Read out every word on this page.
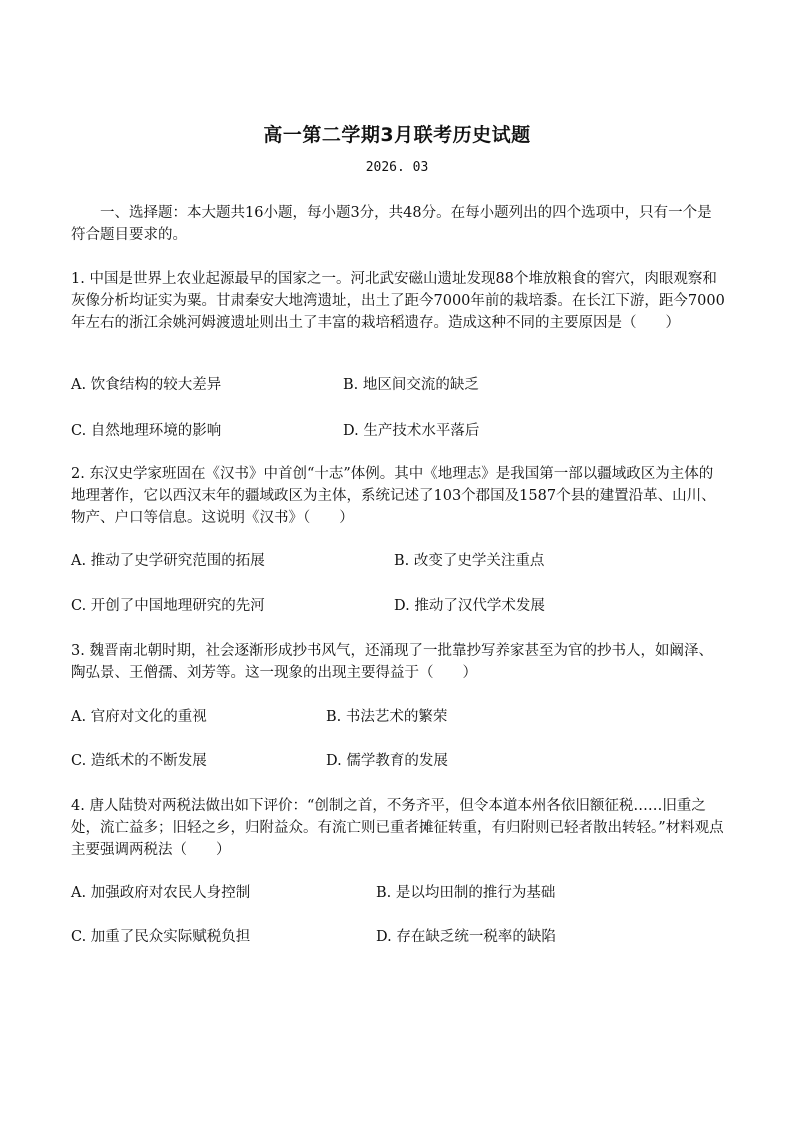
高一第二学期3月联考历史试题
2026. 03
一、选择题：本大题共16小题，每小题3分，共48分。在每小题列出的四个选项中，只有一个是符合题目要求的。
1. 中国是世界上农业起源最早的国家之一。河北武安磁山遗址发现88个堆放粮食的窖穴，肉眼观察和灰像分析均证实为粟。甘肃秦安大地湾遗址，出土了距今7000年前的栽培黍。在长江下游，距今7000年左右的浙江余姚河姆渡遗址则出土了丰富的栽培稻遗存。造成这种不同的主要原因是（　　）
A. 饮食结构的较大差异	B. 地区间交流的缺乏
C. 自然地理环境的影响	D. 生产技术水平落后
2. 东汉史学家班固在《汉书》中首创“十志”体例。其中《地理志》是我国第一部以疆域政区为主体的地理著作，它以西汉末年的疆域政区为主体，系统记述了103个郡国及1587个县的建置沿革、山川、物产、户口等信息。这说明《汉书》（　　）
A. 推动了史学研究范围的拓展	B. 改变了史学关注重点
C. 开创了中国地理研究的先河	D. 推动了汉代学术发展
3. 魏晋南北朝时期，社会逐渐形成抄书风气，还涌现了一批靠抄写养家甚至为官的抄书人，如阚泽、陶弘景、王僧孺、刘芳等。这一现象的出现主要得益于（　　）
A. 官府对文化的重视	B. 书法艺术的繁荣
C. 造纸术的不断发展	D. 儒学教育的发展
4. 唐人陆贽对两税法做出如下评价：“创制之首，不务齐平，但令本道本州各依旧额征税……旧重之处，流亡益多；旧轻之乡，归附益众。有流亡则已重者摊征转重，有归附则已轻者散出转轻。”材料观点主要强调两税法（　　）
A. 加强政府对农民人身控制	B. 是以均田制的推行为基础
C. 加重了民众实际赋税负担	D. 存在缺乏统一税率的缺陷
